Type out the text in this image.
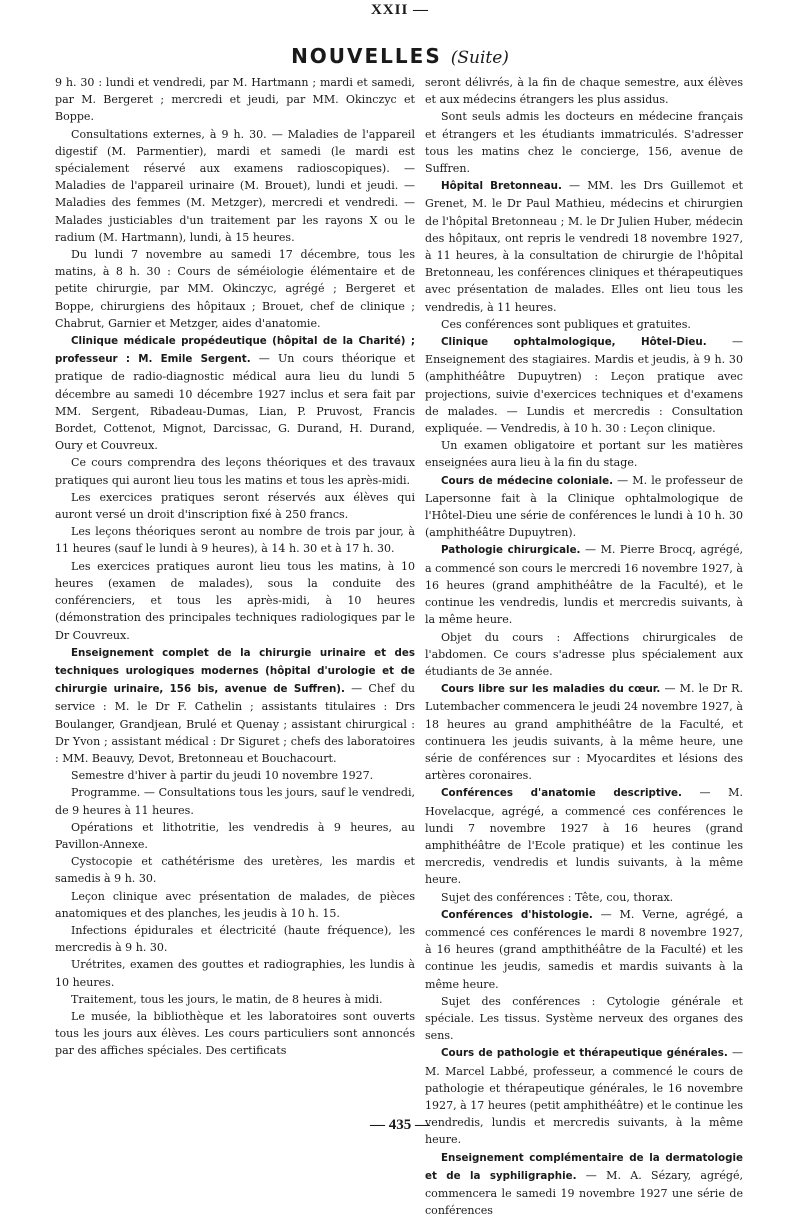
XXII —
NOUVELLES (Suite)

9 h. 30 : lundi et vendredi, par M. Hartmann ; mardi et samedi, par M. Bergeret ; mercredi et jeudi, par MM. Okinczyc et Boppe.

Consultations externes, à 9 h. 30. — Maladies de l'appareil digestif (M. Parmentier), mardi et samedi (le mardi est spécialement réservé aux examens radioscopiques). — Maladies de l'appareil urinaire (M. Brouet), lundi et jeudi. — Maladies des femmes (M. Metzger), mercredi et vendredi. — Malades justiciables d'un traitement par les rayons X ou le radium (M. Hartmann), lundi, à 15 heures.

Du lundi 7 novembre au samedi 17 décembre, tous les matins, à 8 h. 30 : Cours de séméiologie élémentaire et de petite chirurgie, par MM. Okinczyc, agrégé ; Bergeret et Boppe, chirurgiens des hôpitaux ; Brouet, chef de clinique ; Chabrut, Garnier et Metzger, aides d'anatomie.

Clinique médicale propédeutique (hôpital de la Charité) ; professeur : M. Emile Sergent. — Un cours théorique et pratique de radio-diagnostic médical aura lieu du lundi 5 décembre au samedi 10 décembre 1927 inclus et sera fait par MM. Sergent, Ribadeau-Dumas, Lian, P. Pruvost, Francis Bordet, Cottenot, Mignot, Darcissac, G. Durand, H. Durand, Oury et Couvreux.

Ce cours comprendra des leçons théoriques et des travaux pratiques qui auront lieu tous les matins et tous les après-midi.

Les exercices pratiques seront réservés aux élèves qui auront versé un droit d'inscription fixé à 250 francs.

Les leçons théoriques seront au nombre de trois par jour, à 11 heures (sauf le lundi à 9 heures), à 14 h. 30 et à 17 h. 30.

Les exercices pratiques auront lieu tous les matins, à 10 heures (examen de malades), sous la conduite des conférenciers, et tous les après-midi, à 10 heures (démonstration des principales techniques radiologiques par le Dr Couvreux.

Enseignement complet de la chirurgie urinaire et des techniques urologiques modernes (hôpital d'urologie et de chirurgie urinaire, 156 bis, avenue de Suffren). — Chef du service : M. le Dr F. Cathelin ; assistants titulaires : Drs Boulanger, Grandjean, Brulé et Quenay ; assistant chirurgical : Dr Yvon ; assistant médical : Dr Siguret ; chefs des laboratoires : MM. Beauvy, Devot, Bretonneau et Bouchacourt.

Semestre d'hiver à partir du jeudi 10 novembre 1927.

Programme. — Consultations tous les jours, sauf le vendredi, de 9 heures à 11 heures.

Opérations et lithotritie, les vendredis à 9 heures, au Pavillon-Annexe.

Cystocopie et cathétérisme des uretères, les mardis et samedis à 9 h. 30.

Leçon clinique avec présentation de malades, de pièces anatomiques et des planches, les jeudis à 10 h. 15.

Infections épidurales et électricité (haute fréquence), les mercredis à 9 h. 30.

Urétrites, examen des gouttes et radiographies, les lundis à 10 heures.

Traitement, tous les jours, le matin, de 8 heures à midi.

Le musée, la bibliothèque et les laboratoires sont ouverts tous les jours aux élèves. Les cours particuliers sont annoncés par des affiches spéciales. Des certificats

seront délivrés, à la fin de chaque semestre, aux élèves et aux médecins étrangers les plus assidus.

Sont seuls admis les docteurs en médecine français et étrangers et les étudiants immatriculés. S'adresser tous les matins chez le concierge, 156, avenue de Suffren.

Hôpital Bretonneau. — MM. les Drs Guillemot et Grenet, M. le Dr Paul Mathieu, médecins et chirurgien de l'hôpital Bretonneau ; M. le Dr Julien Huber, médecin des hôpitaux, ont repris le vendredi 18 novembre 1927, à 11 heures, à la consultation de chirurgie de l'hôpital Bretonneau, les conférences cliniques et thérapeutiques avec présentation de malades. Elles ont lieu tous les vendredis, à 11 heures.

Ces conférences sont publiques et gratuites.

Clinique ophtalmologique, Hôtel-Dieu. — Enseignement des stagiaires. Mardis et jeudis, à 9 h. 30 (amphithéâtre Dupuytren) : Leçon pratique avec projections, suivie d'exercices techniques et d'examens de malades. — Lundis et mercredis : Consultation expliquée. — Vendredis, à 10 h. 30 : Leçon clinique.

Un examen obligatoire et portant sur les matières enseignées aura lieu à la fin du stage.

Cours de médecine coloniale. — M. le professeur de Lapersonne fait à la Clinique ophtalmologique de l'Hôtel-Dieu une série de conférences le lundi à 10 h. 30 (amphithéâtre Dupuytren).

Pathologie chirurgicale. — M. Pierre Brocq, agrégé, a commencé son cours le mercredi 16 novembre 1927, à 16 heures (grand amphithéâtre de la Faculté), et le continue les vendredis, lundis et mercredis suivants, à la même heure.

Objet du cours : Affections chirurgicales de l'abdomen. Ce cours s'adresse plus spécialement aux étudiants de 3e année.

Cours libre sur les maladies du cœur. — M. le Dr R. Lutembacher commencera le jeudi 24 novembre 1927, à 18 heures au grand amphithéâtre de la Faculté, et continuera les jeudis suivants, à la même heure, une série de conférences sur : Myocardites et lésions des artères coronaires.

Conférences d'anatomie descriptive. — M. Hovelacque, agrégé, a commencé ces conférences le lundi 7 novembre 1927 à 16 heures (grand amphithéâtre de l'Ecole pratique) et les continue les mercredis, vendredis et lundis suivants, à la même heure.

Sujet des conférences : Tête, cou, thorax.

Conférences d'histologie. — M. Verne, agrégé, a commencé ces conférences le mardi 8 novembre 1927, à 16 heures (grand ampthithéâtre de la Faculté) et les continue les jeudis, samedis et mardis suivants à la même heure.

Sujet des conférences : Cytologie générale et spéciale. Les tissus. Système nerveux des organes des sens.

Cours de pathologie et thérapeutique générales. — M. Marcel Labbé, professeur, a commencé le cours de pathologie et thérapeutique générales, le 16 novembre 1927, à 17 heures (petit amphithéâtre) et le continue les vendredis, lundis et mercredis suivants, à la même heure.

Enseignement complémentaire de la dermatologie et de la syphiligraphie. — M. A. Sézary, agrégé, commencera le samedi 19 novembre 1927 une série de conférences

— 435 —
